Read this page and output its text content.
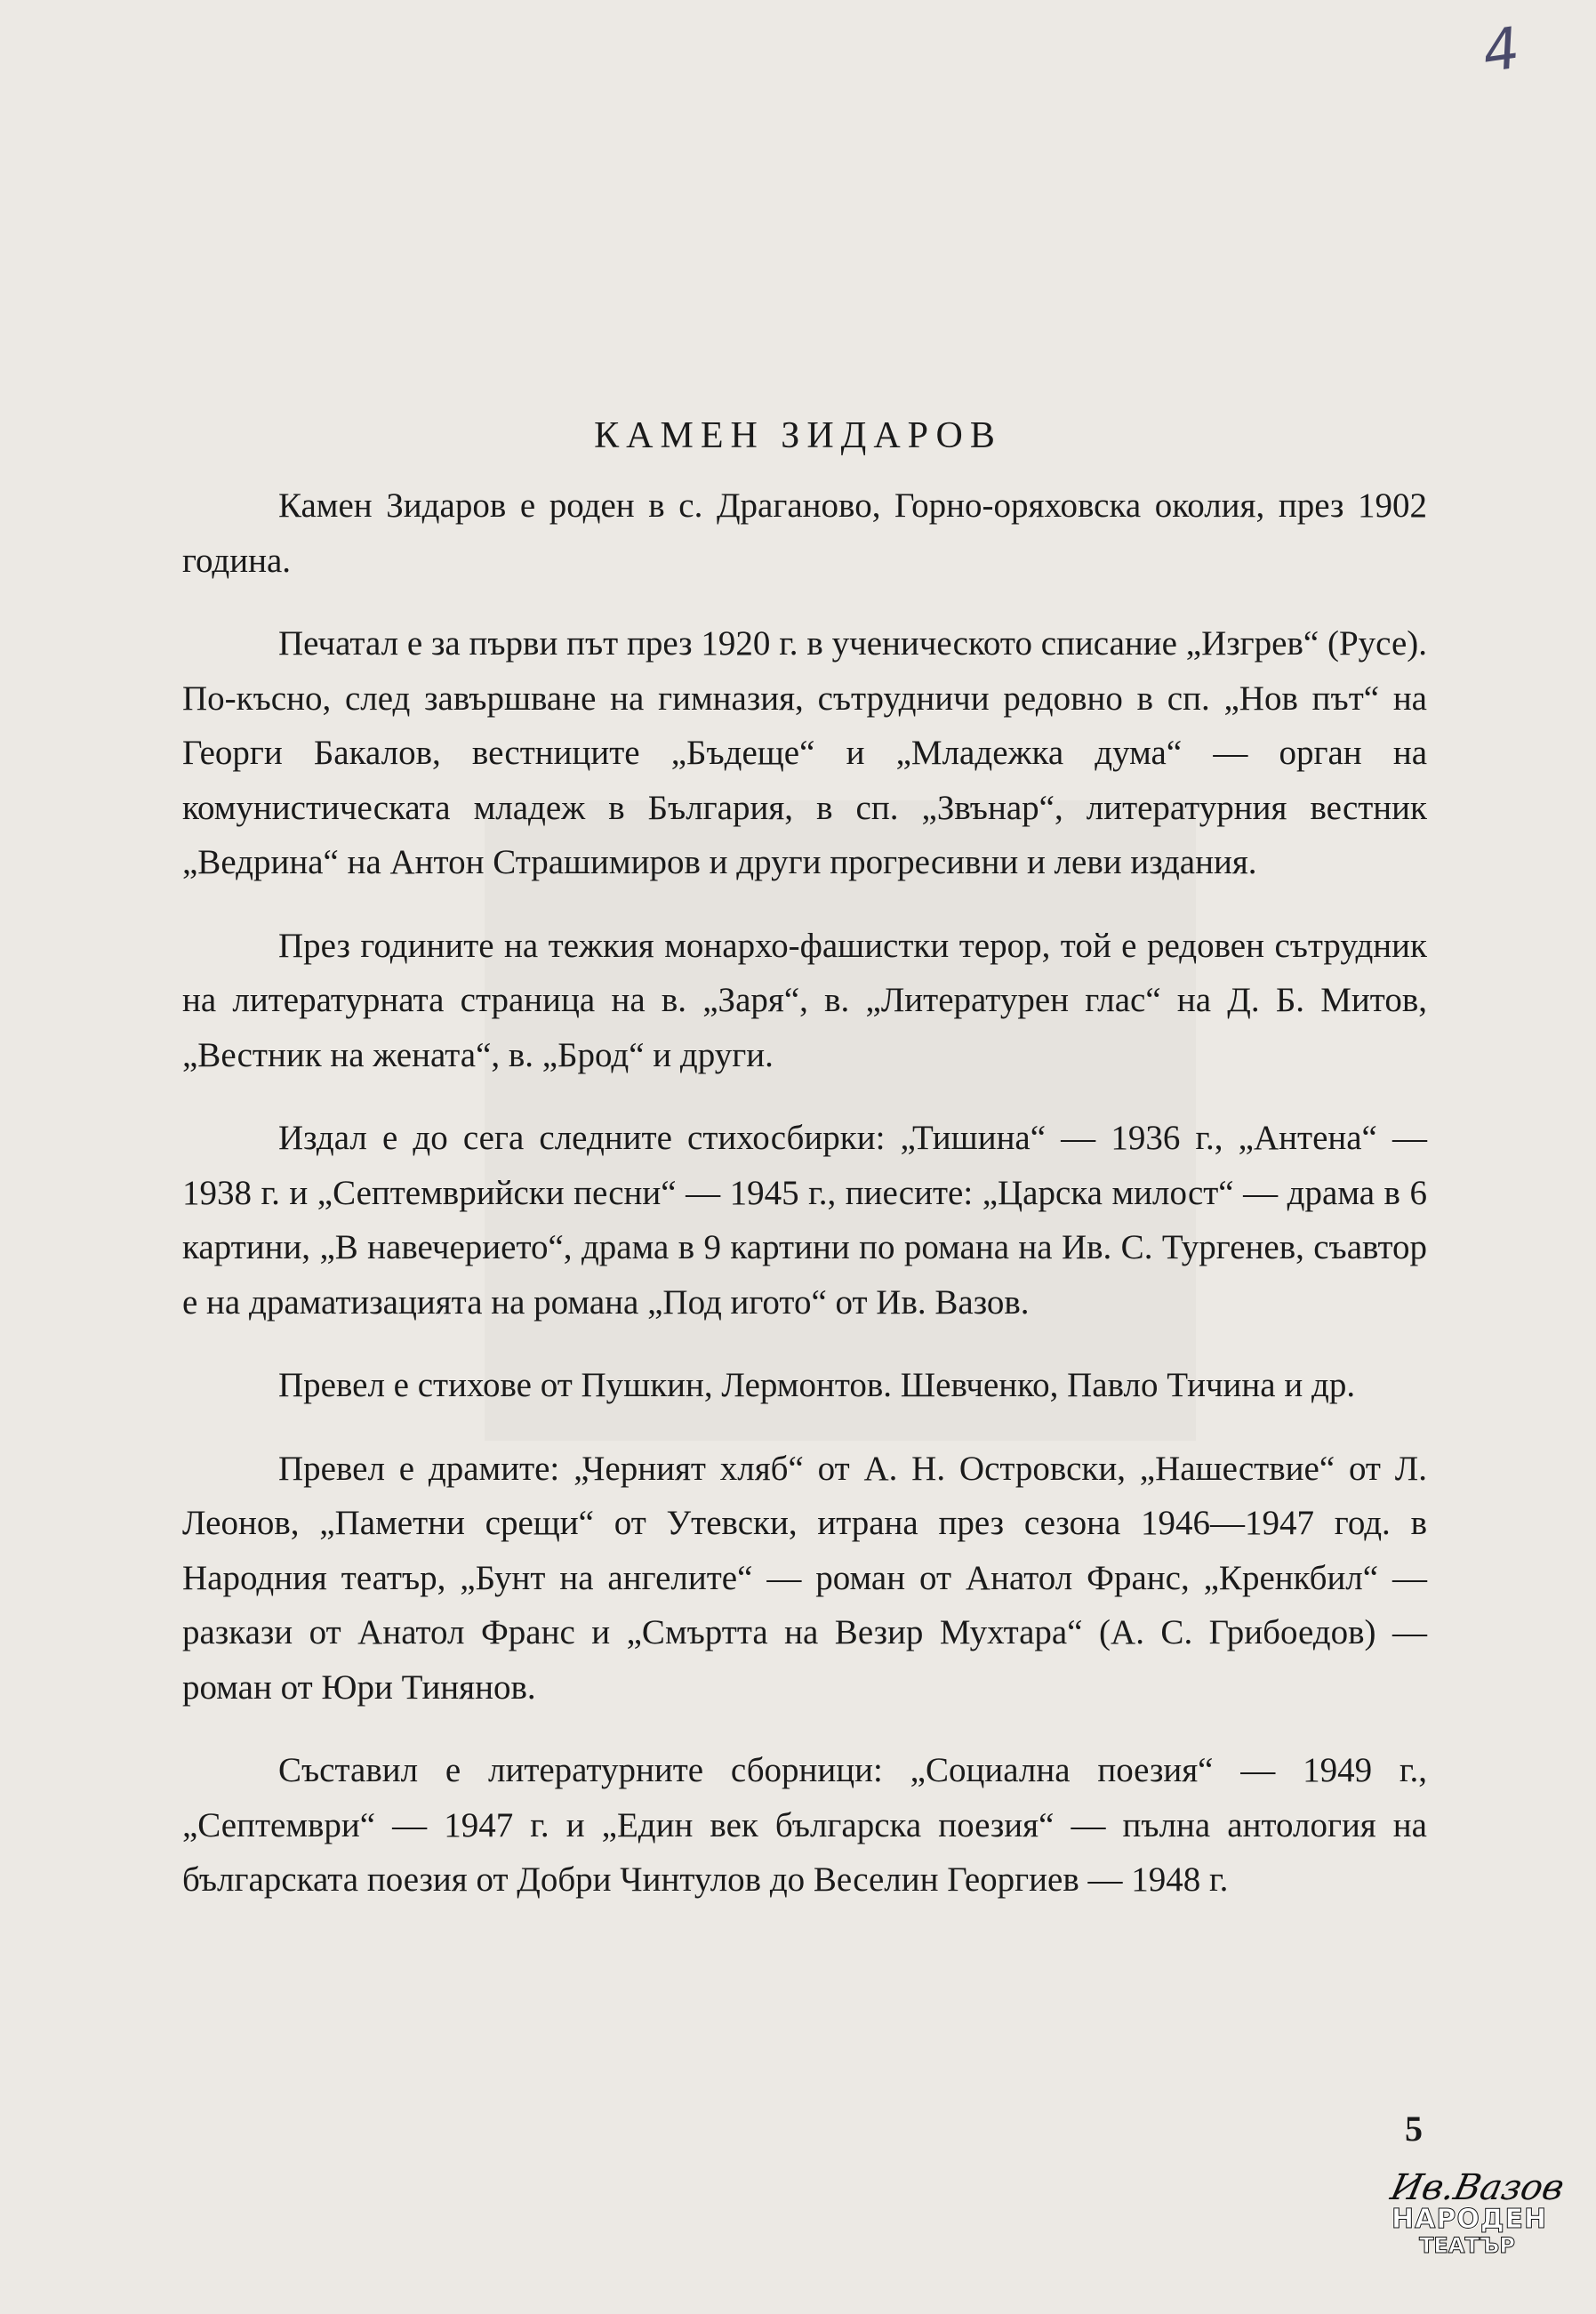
4
КАМЕН ЗИДАРОВ

Камен Зидаров е роден в с. Драганово, Горно-оряховска околия, през 1902 година.

Печатал е за първи път през 1920 г. в ученическото списание „Изгрев“ (Русе). По-късно, след завършване на гимназия, сътрудничи редовно в сп. „Нов път“ на Георги Бакалов, вестниците „Бъдеще“ и „Младежка дума“ — орган на комунистическата младеж в България, в сп. „Звънар“, литературния вестник „Ведрина“ на Антон Страшимиров и други прогресивни и леви издания.

През годините на тежкия монархо-фашистки терор, той е редовен сътрудник на литературната страница на в. „Заря“, в. „Литературен глас“ на Д. Б. Митов, „Вестник на жената“, в. „Брод“ и други.

Издал е до сега следните стихосбирки: „Тишина“ — 1936 г., „Антена“ — 1938 г. и „Септемврийски песни“ — 1945 г., пиесите: „Царска милост“ — драма в 6 картини, „В навечерието“, драма в 9 картини по романа на Ив. С. Тургенев, съавтор е на драматизацията на романа „Под игото“ от Ив. Вазов.

Превел е стихове от Пушкин, Лермонтов. Шевченко, Павло Тичина и др.

Превел е драмите: „Черният хляб“ от А. Н. Островски, „Нашествие“ от Л. Леонов, „Паметни срещи“ от Утевски, итрана през сезона 1946—1947 год. в Народния театър, „Бунт на ангелите“ — роман от Анатол Франс, „Кренкбил“ — разкази от Анатол Франс и „Смъртта на Везир Мухтара“ (А. С. Грибоедов) — роман от Юри Тинянов.

Съставил е литературните сборници: „Социална поезия“ — 1949 г., „Септември“ — 1947 г. и „Един век българска поезия“ — пълна антология на българската поезия от Добри Чинтулов до Веселин Георгиев — 1948 г.

5
Ив.Вазов
НАРОДЕН
ТЕАТЪР
